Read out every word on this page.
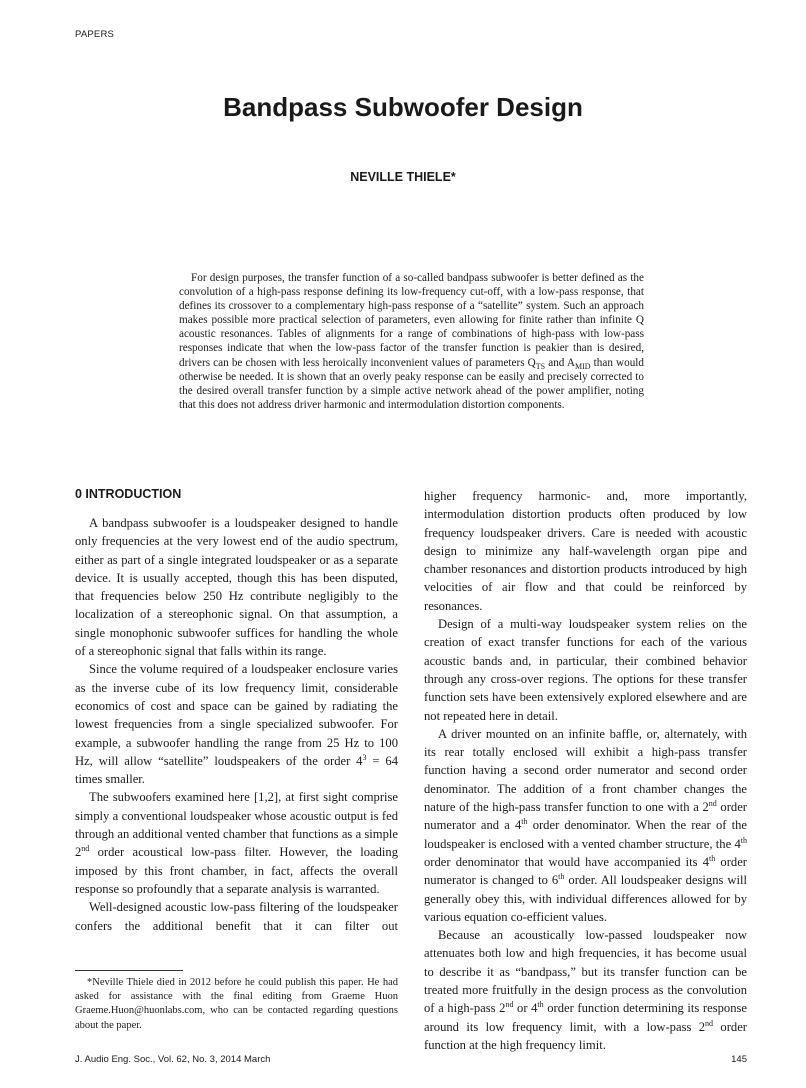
PAPERS
Bandpass Subwoofer Design
NEVILLE THIELE*
For design purposes, the transfer function of a so-called bandpass subwoofer is better defined as the convolution of a high-pass response defining its low-frequency cut-off, with a low-pass response, that defines its crossover to a complementary high-pass response of a “satellite” system. Such an approach makes possible more practical selection of parameters, even allowing for finite rather than infinite Q acoustic resonances. Tables of alignments for a range of combinations of high-pass with low-pass responses indicate that when the low-pass factor of the transfer function is peakier than is desired, drivers can be chosen with less heroically inconvenient values of parameters $Q_{TS}$ and $A_{MID}$ than would otherwise be needed. It is shown that an overly peaky response can be easily and precisely corrected to the desired overall transfer function by a simple active network ahead of the power amplifier, noting that this does not address driver harmonic and intermodulation distortion components.
0 INTRODUCTION

A bandpass subwoofer is a loudspeaker designed to handle only frequencies at the very lowest end of the audio spectrum, either as part of a single integrated loudspeaker or as a separate device. It is usually accepted, though this has been disputed, that frequencies below 250 Hz contribute negligibly to the localization of a stereophonic signal. On that assumption, a single monophonic subwoofer suffices for handling the whole of a stereophonic signal that falls within its range.

Since the volume required of a loudspeaker enclosure varies as the inverse cube of its low frequency limit, considerable economics of cost and space can be gained by radiating the lowest frequencies from a single specialized subwoofer. For example, a subwoofer handling the range from 25 Hz to 100 Hz, will allow “satellite” loudspeakers of the order $4^3 = 64$ times smaller.

The subwoofers examined here [1,2], at first sight comprise simply a conventional loudspeaker whose acoustic output is fed through an additional vented chamber that functions as a simple 2nd order acoustical low-pass filter. However, the loading imposed by this front chamber, in fact, affects the overall response so profoundly that a separate analysis is warranted.

Well-designed acoustic low-pass filtering of the loudspeaker confers the additional benefit that it can filter out

higher frequency harmonic- and, more importantly, intermodulation distortion products often produced by low frequency loudspeaker drivers. Care is needed with acoustic design to minimize any half-wavelength organ pipe and chamber resonances and distortion products introduced by high velocities of air flow and that could be reinforced by resonances.

Design of a multi-way loudspeaker system relies on the creation of exact transfer functions for each of the various acoustic bands and, in particular, their combined behavior through any cross-over regions. The options for these transfer function sets have been extensively explored elsewhere and are not repeated here in detail.

A driver mounted on an infinite baffle, or, alternately, with its rear totally enclosed will exhibit a high-pass transfer function having a second order numerator and second order denominator. The addition of a front chamber changes the nature of the high-pass transfer function to one with a 2nd order numerator and a 4th order denominator. When the rear of the loudspeaker is enclosed with a vented chamber structure, the 4th order denominator that would have accompanied its 4th order numerator is changed to 6th order. All loudspeaker designs will generally obey this, with individual differences allowed for by various equation co-efficient values.

Because an acoustically low-passed loudspeaker now attenuates both low and high frequencies, it has become usual to describe it as “bandpass,” but its transfer function can be treated more fruitfully in the design process as the convolution of a high-pass 2nd or 4th order function determining its response around its low frequency limit, with a low-pass 2nd order function at the high frequency limit.

*Neville Thiele died in 2012 before he could publish this paper. He had asked for assistance with the final editing from Graeme Huon Graeme.Huon@huonlabs.com, who can be contacted regarding questions about the paper.
J. Audio Eng. Soc., Vol. 62, No. 3, 2014 March	145
